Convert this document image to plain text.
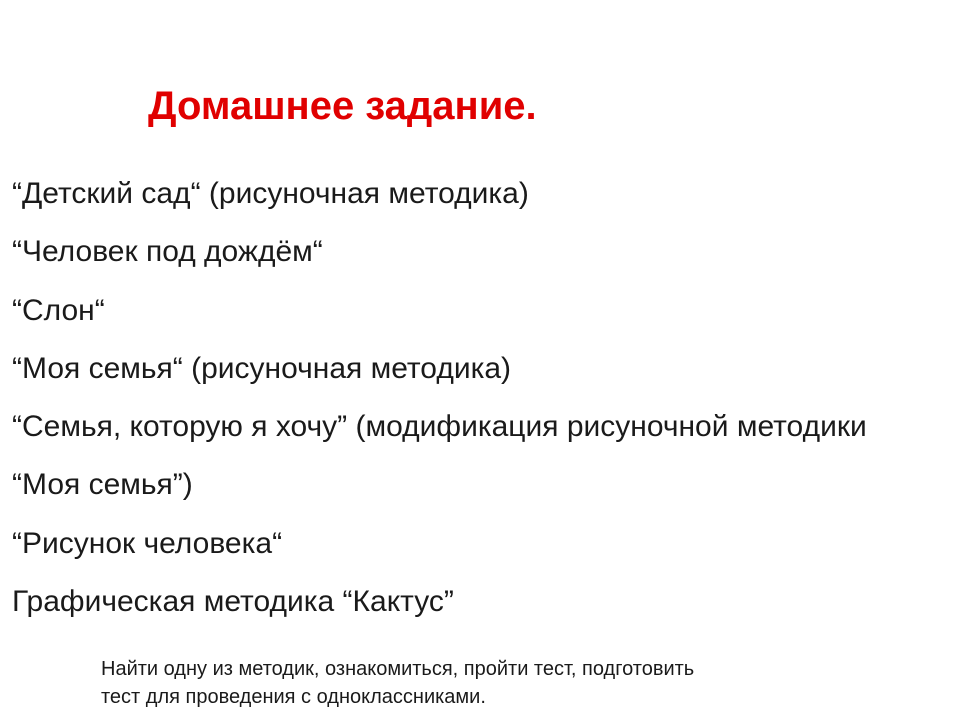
Домашнее задание.
“Детский сад“ (рисуночная методика)
“Человек под дождём“
“Слон“
“Моя семья“ (рисуночная методика)
“Семья, которую я хочу” (модификация рисуночной методики
“Моя семья”)
“Рисунок человека“
Графическая методика “Кактус”

Найти одну из методик, ознакомиться, пройти тест, подготовить
тест для проведения с одноклассниками.
